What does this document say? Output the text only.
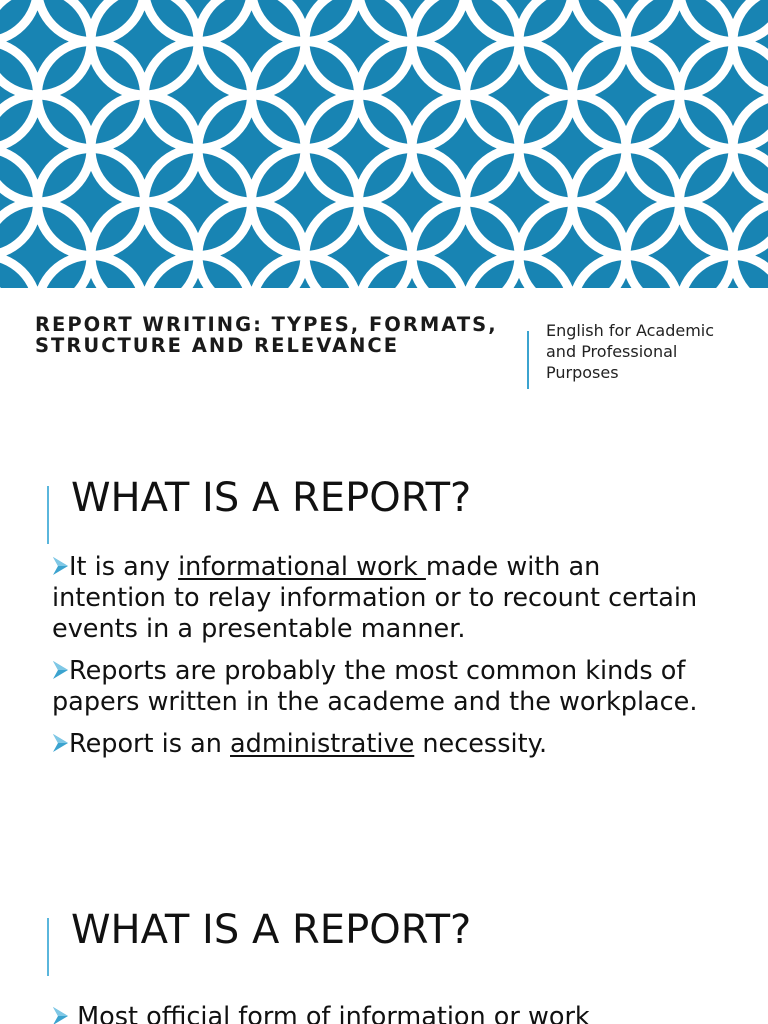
REPORT WRITING: TYPES, FORMATS, STRUCTURE AND RELEVANCE
English for Academic and Professional Purposes
WHAT IS A REPORT?
It is any informational work made with an intention to relay information or to recount certain events in a presentable manner.
Reports are probably the most common kinds of papers written in the academe and the workplace.
Report is an administrative necessity.
WHAT IS A REPORT?
Most official form of information or work
